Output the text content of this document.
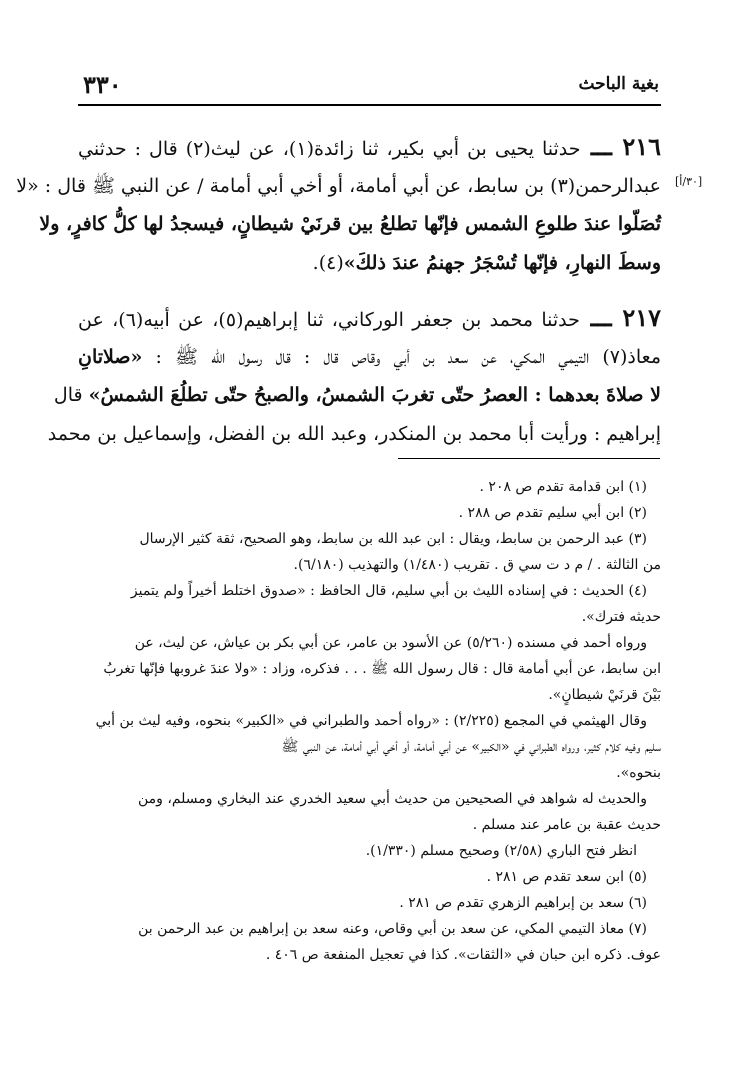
بغية الباحث
٣٣٠
[٣٠/أ]
٢١٦ ـــ حدثنا يحيى بن أبي بكير، ثنا زائدة(١)، عن ليث(٢) قال : حدثني
عبدالرحمن(٣) بن سابط، عن أبي أمامة، أو أخي أبي أمامة / عن النبي ﷺ قال : «لا
تُصَلّوا عندَ طلوعِ الشمس فإنّها تطلعُ بين قرنَيْ شيطانٍ، فيسجدُ لها كلُّ كافرٍ، ولا
وسطَ النهارِ، فإنّها تُسْجَرُ جهنمُ عندَ ذلكَ»(٤).
٢١٧ ـــ حدثنا محمد بن جعفر الوركاني، ثنا إبراهيم(٥)، عن أبيه(٦)، عن
معاذ(٧) التيمي المكي، عن سعد بن أبي وقاص قال : قال رسول الله ﷺ : «صلاتانِ
لا صلاةَ بعدهما : العصرُ حتّى تغربَ الشمسُ، والصبحُ حتّى تطلُعَ الشمسُ» قال
إبراهيم : ورأيت أبا محمد بن المنكدر، وعبد الله بن الفضل، وإسماعيل بن محمد
(١) ابن قدامة تقدم ص ٢٠٨ .
(٢) ابن أبي سليم تقدم ص ٢٨٨ .
(٣) عبد الرحمن بن سابط، ويقال : ابن عبد الله بن سابط، وهو الصحيح، ثقة كثير الإرسال
من الثالثة . / م د ت سي ق . تقريب (١/٤٨٠) والتهذيب (٦/١٨٠).
(٤) الحديث : في إسناده الليث بن أبي سليم، قال الحافظ : «صدوق اختلط أخيراً ولم يتميز
حديثه فترك».
ورواه أحمد في مسنده (٥/٢٦٠) عن الأسود بن عامر، عن أبي بكر بن عياش، عن ليث، عن
ابن سابط، عن أبي أمامة قال : قال رسول الله ﷺ . . . فذكره، وزاد : «ولا عندَ غروبها فإنّها تغربُ
بَيْنَ قرنَيْ شيطانٍ».
وقال الهيثمي في المجمع (٢/٢٢٥) : «رواه أحمد والطبراني في «الكبير» بنحوه، وفيه ليث بن أبي
سليم وفيه كلام كثير، ورواه الطبراني في «الكبير» عن أبي أمامة، أو أخي أبي أمامة، عن النبي ﷺ
بنحوه».
والحديث له شواهد في الصحيحين من حديث أبي سعيد الخدري عند البخاري ومسلم، ومن
حديث عقبة بن عامر عند مسلم .
انظر فتح الباري (٢/٥٨) وصحيح مسلم (١/٣٣٠).
(٥) ابن سعد تقدم ص ٢٨١ .
(٦) سعد بن إبراهيم الزهري تقدم ص ٢٨١ .
(٧) معاذ التيمي المكي، عن سعد بن أبي وقاص، وعنه سعد بن إبراهيم بن عبد الرحمن بن
عوف. ذكره ابن حبان في «الثقات». كذا في تعجيل المنفعة ص ٤٠٦ .
